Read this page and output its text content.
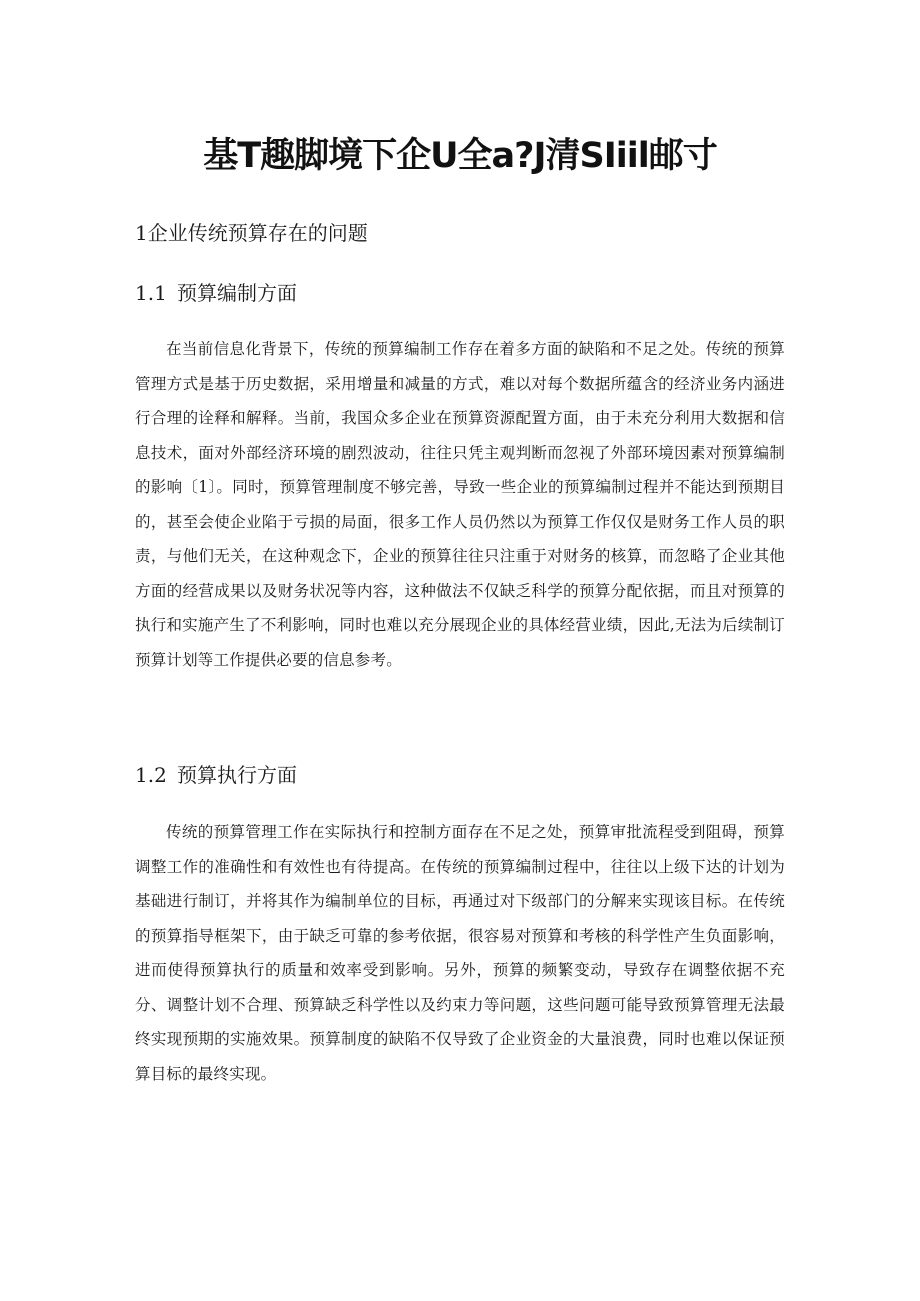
基T趣脚境下企U全a?J清SIiil邮寸
1企业传统预算存在的问题
1.1 预算编制方面

在当前信息化背景下，传统的预算编制工作存在着多方面的缺陷和不足之处。传统的预算管理方式是基于历史数据，采用增量和减量的方式，难以对每个数据所蕴含的经济业务内涵进行合理的诠释和解释。当前，我国众多企业在预算资源配置方面，由于未充分利用大数据和信息技术，面对外部经济环境的剧烈波动，往往只凭主观判断而忽视了外部环境因素对预算编制的影响〔1〕。同时，预算管理制度不够完善，导致一些企业的预算编制过程并不能达到预期目的，甚至会使企业陷于亏损的局面，很多工作人员仍然以为预算工作仅仅是财务工作人员的职责，与他们无关，在这种观念下，企业的预算往往只注重于对财务的核算，而忽略了企业其他方面的经营成果以及财务状况等内容，这种做法不仅缺乏科学的预算分配依据，而且对预算的执行和实施产生了不利影响，同时也难以充分展现企业的具体经营业绩，因此,无法为后续制订预算计划等工作提供必要的信息参考。

1.2 预算执行方面

传统的预算管理工作在实际执行和控制方面存在不足之处，预算审批流程受到阻碍，预算调整工作的准确性和有效性也有待提高。在传统的预算编制过程中，往往以上级下达的计划为基础进行制订，并将其作为编制单位的目标，再通过对下级部门的分解来实现该目标。在传统的预算指导框架下，由于缺乏可靠的参考依据，很容易对预算和考核的科学性产生负面影响，进而使得预算执行的质量和效率受到影响。另外，预算的频繁变动，导致存在调整依据不充分、调整计划不合理、预算缺乏科学性以及约束力等问题，这些问题可能导致预算管理无法最终实现预期的实施效果。预算制度的缺陷不仅导致了企业资金的大量浪费，同时也难以保证预算目标的最终实现。
